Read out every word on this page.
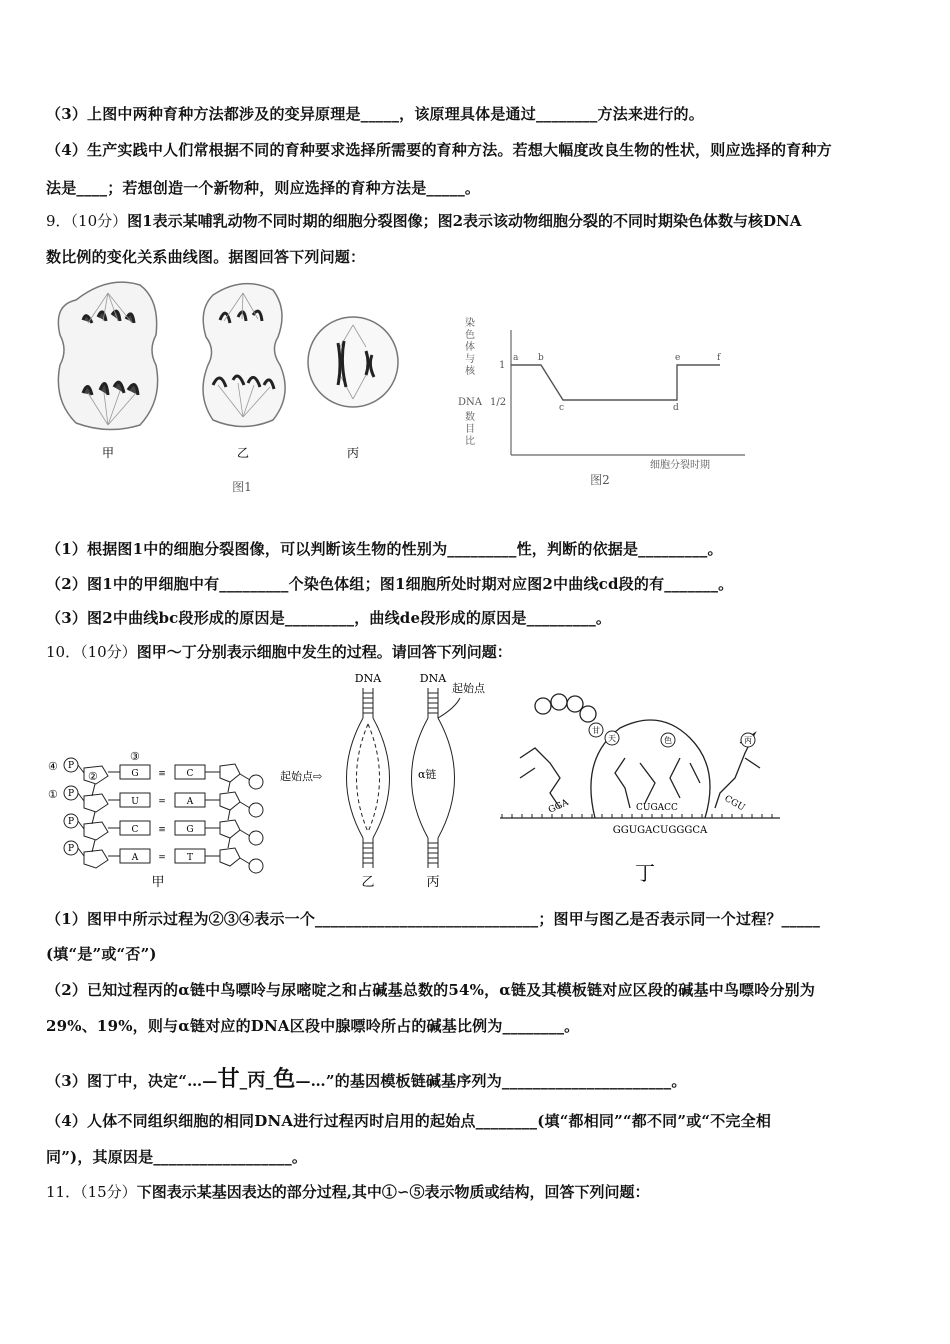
（3）上图中两种育种方法都涉及的变异原理是_____，该原理具体是通过________方法来进行的。
（4）生产实践中人们常根据不同的育种要求选择所需要的育种方法。若想大幅度改良生物的性状，则应选择的育种方
法是____；若想创造一个新物种，则应选择的育种方法是_____。
9．（10分）图1表示某哺乳动物不同时期的细胞分裂图像；图2表示该动物细胞分裂的不同时期染色体数与核DNA
数比例的变化关系曲线图。据图回答下列问题：
甲	乙	丙
图1
染
色
体
与
核
DNA
数
目
比
1
1/2
a b
c	d
e	f
细胞分裂时期
图2
（1）根据图1中的细胞分裂图像，可以判断该生物的性别为_________性，判断的依据是_________。
（2）图1中的甲细胞中有_________个染色体组；图1细胞所处时期对应图2中曲线cd段的有_______。
（3）图2中曲线bc段形成的原因是_________，曲线de段形成的原因是_________。
10．（10分）图甲～丁分别表示细胞中发生的过程。请回答下列问题：
③
④
①
②
P
P
P
P
G
U
C
A
C
A
G
T
≡
=
≡
=
甲
DNA
起始点⇨
乙
DNA
起始点
α链
丙
甘
天	色	丙
GGA	CUGACC	CGU
GGUGACUGGGCA
丁
（1）图甲中所示过程为②③④表示一个_____________________________；图甲与图乙是否表示同一个过程？_____
(填“是”或“否”)
（2）已知过程丙的α链中鸟嘌呤与尿嘧啶之和占碱基总数的54%，α链及其模板链对应区段的碱基中鸟嘌呤分别为
29%、19%，则与α链对应的DNA区段中腺嘌呤所占的碱基比例为________。
（3）图丁中，决定“…—甘_丙_色—…”的基因模板链碱基序列为______________________。
（4）人体不同组织细胞的相同DNA进行过程丙时启用的起始点________(填“都相同”“都不同”或“不完全相
同”)，其原因是__________________。
11．（15分）下图表示某基因表达的部分过程,其中①∽⑤表示物质或结构，回答下列问题：
